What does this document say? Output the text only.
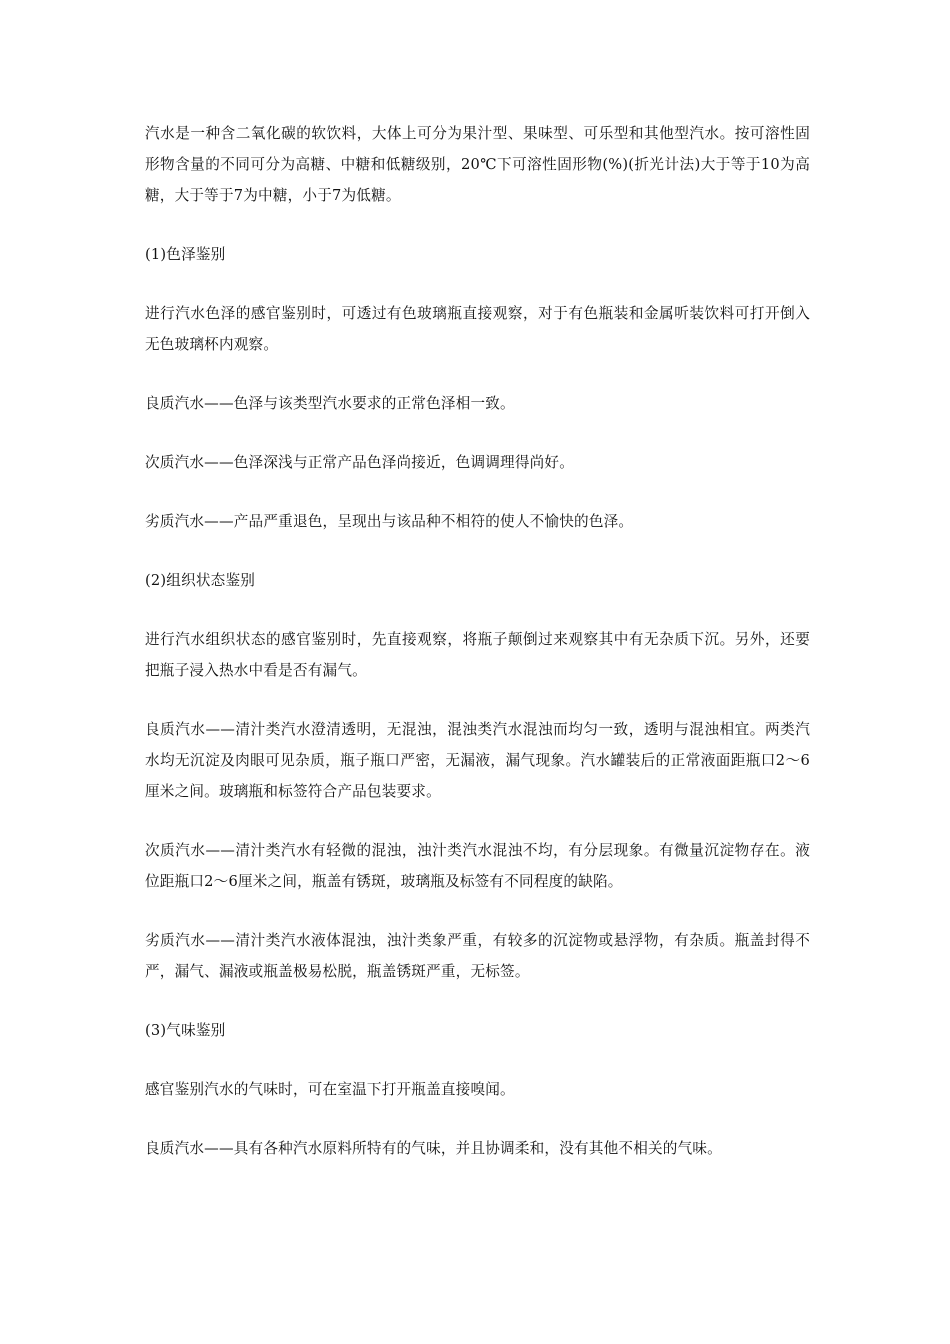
汽水是一种含二氧化碳的软饮料，大体上可分为果汁型、果味型、可乐型和其他型汽水。按可溶性固形物含量的不同可分为高糖、中糖和低糖级别，20℃下可溶性固形物(%)(折光计法)大于等于10为高糖，大于等于7为中糖，小于7为低糖。

(1)色泽鉴别

进行汽水色泽的感官鉴别时，可透过有色玻璃瓶直接观察，对于有色瓶装和金属听装饮料可打开倒入无色玻璃杯内观察。

良质汽水——色泽与该类型汽水要求的正常色泽相一致。

次质汽水——色泽深浅与正常产品色泽尚接近，色调调理得尚好。

劣质汽水——产品严重退色，呈现出与该品种不相符的使人不愉快的色泽。

(2)组织状态鉴别

进行汽水组织状态的感官鉴别时，先直接观察，将瓶子颠倒过来观察其中有无杂质下沉。另外，还要把瓶子浸入热水中看是否有漏气。

良质汽水——清汁类汽水澄清透明，无混浊，混浊类汽水混浊而均匀一致，透明与混浊相宜。两类汽水均无沉淀及肉眼可见杂质，瓶子瓶口严密，无漏液，漏气现象。汽水罐装后的正常液面距瓶口2～6厘米之间。玻璃瓶和标签符合产品包装要求。

次质汽水——清汁类汽水有轻微的混浊，浊汁类汽水混浊不均，有分层现象。有微量沉淀物存在。液位距瓶口2～6厘米之间，瓶盖有锈斑，玻璃瓶及标签有不同程度的缺陷。

劣质汽水——清汁类汽水液体混浊，浊汁类象严重，有较多的沉淀物或悬浮物，有杂质。瓶盖封得不严，漏气、漏液或瓶盖极易松脱，瓶盖锈斑严重，无标签。

(3)气味鉴别

感官鉴别汽水的气味时，可在室温下打开瓶盖直接嗅闻。

良质汽水——具有各种汽水原料所特有的气味，并且协调柔和，没有其他不相关的气味。
